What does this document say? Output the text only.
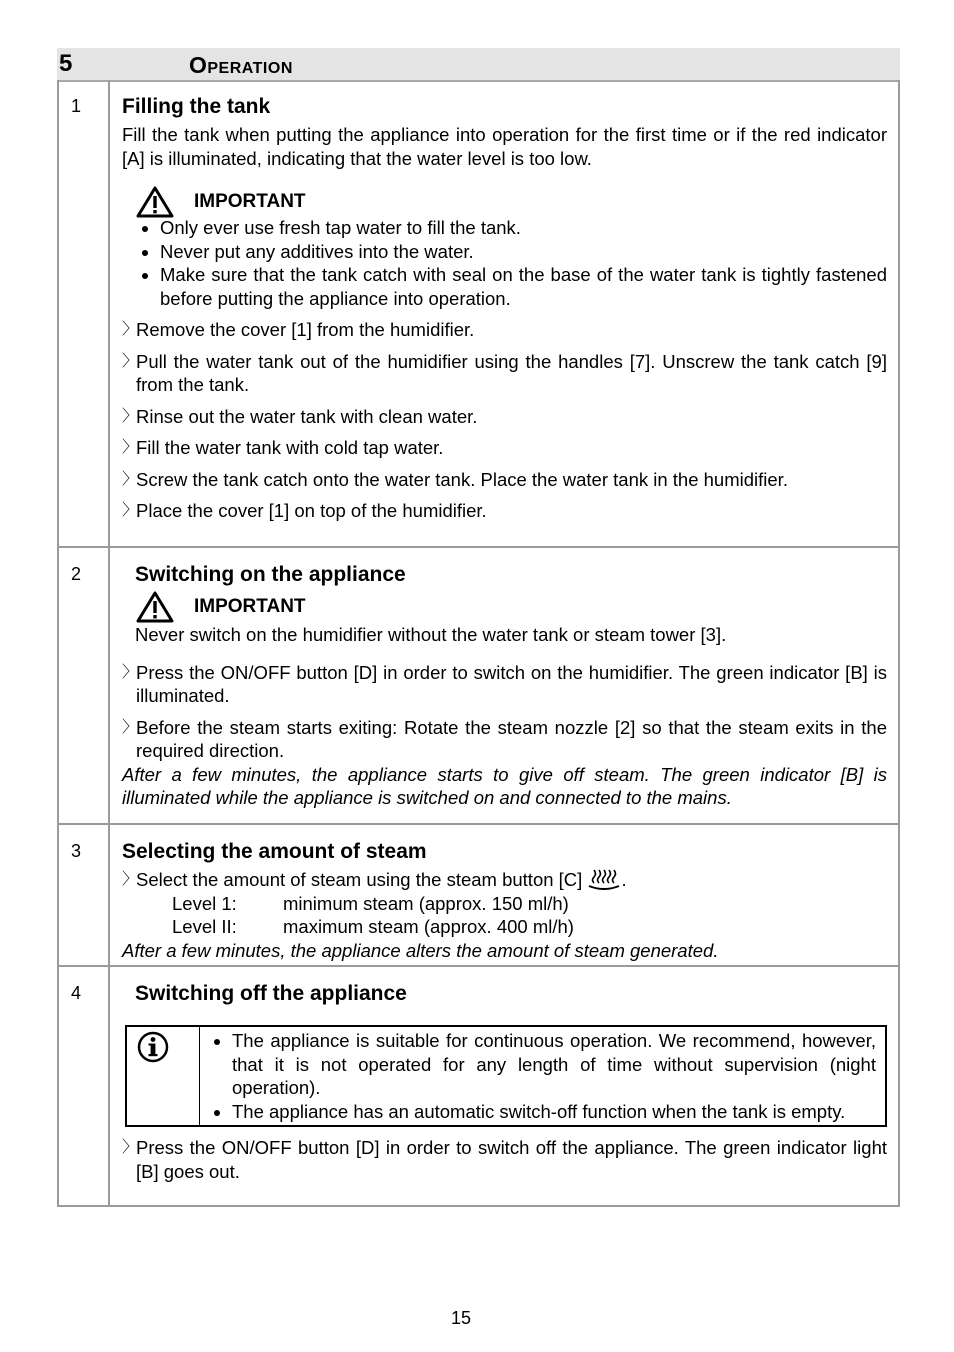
5	Operation
1	Filling the tank
Fill the tank when putting the appliance into operation for the first time or if the red indicator [A] is illuminated, indicating that the water level is too low.
IMPORTANT
• Only ever use fresh tap water to fill the tank.
• Never put any additives into the water.
• Make sure that the tank catch with seal on the base of the water tank is tightly fastened before putting the appliance into operation.
〉
Remove the cover [1] from the humidifier.
〉
Pull the water tank out of the humidifier using the handles [7]. Unscrew the tank catch [9] from the tank.
〉
Rinse out the water tank with clean water.
〉
Fill the water tank with cold tap water.
〉
Screw the tank catch onto the water tank. Place the water tank in the humidifier.
〉
Place the cover [1] on top of the humidifier.
2	Switching on the appliance
IMPORTANT
Never switch on the humidifier without the water tank or steam tower [3].
〉
Press the ON/OFF button [D] in order to switch on the humidifier. The green indicator [B] is illuminated.
〉
Before the steam starts exiting: Rotate the steam nozzle [2] so that the steam exits in the required direction.
After a few minutes, the appliance starts to give off steam. The green indicator [B] is illuminated while the appliance is switched on and connected to the mains.
3	Selecting the amount of steam
〉
Select the amount of steam using the steam button [C] .
Level 1:	minimum steam (approx. 150 ml/h)
Level II:	maximum steam (approx. 400 ml/h)
After a few minutes, the appliance alters the amount of steam generated.
4	Switching off the appliance
• The appliance is suitable for continuous operation. We recommend, however, that it is not operated for any length of time without supervision (night operation).
• The appliance has an automatic switch-off function when the tank is empty.
〉
Press the ON/OFF button [D] in order to switch off the appliance. The green indicator light [B] goes out.
15
